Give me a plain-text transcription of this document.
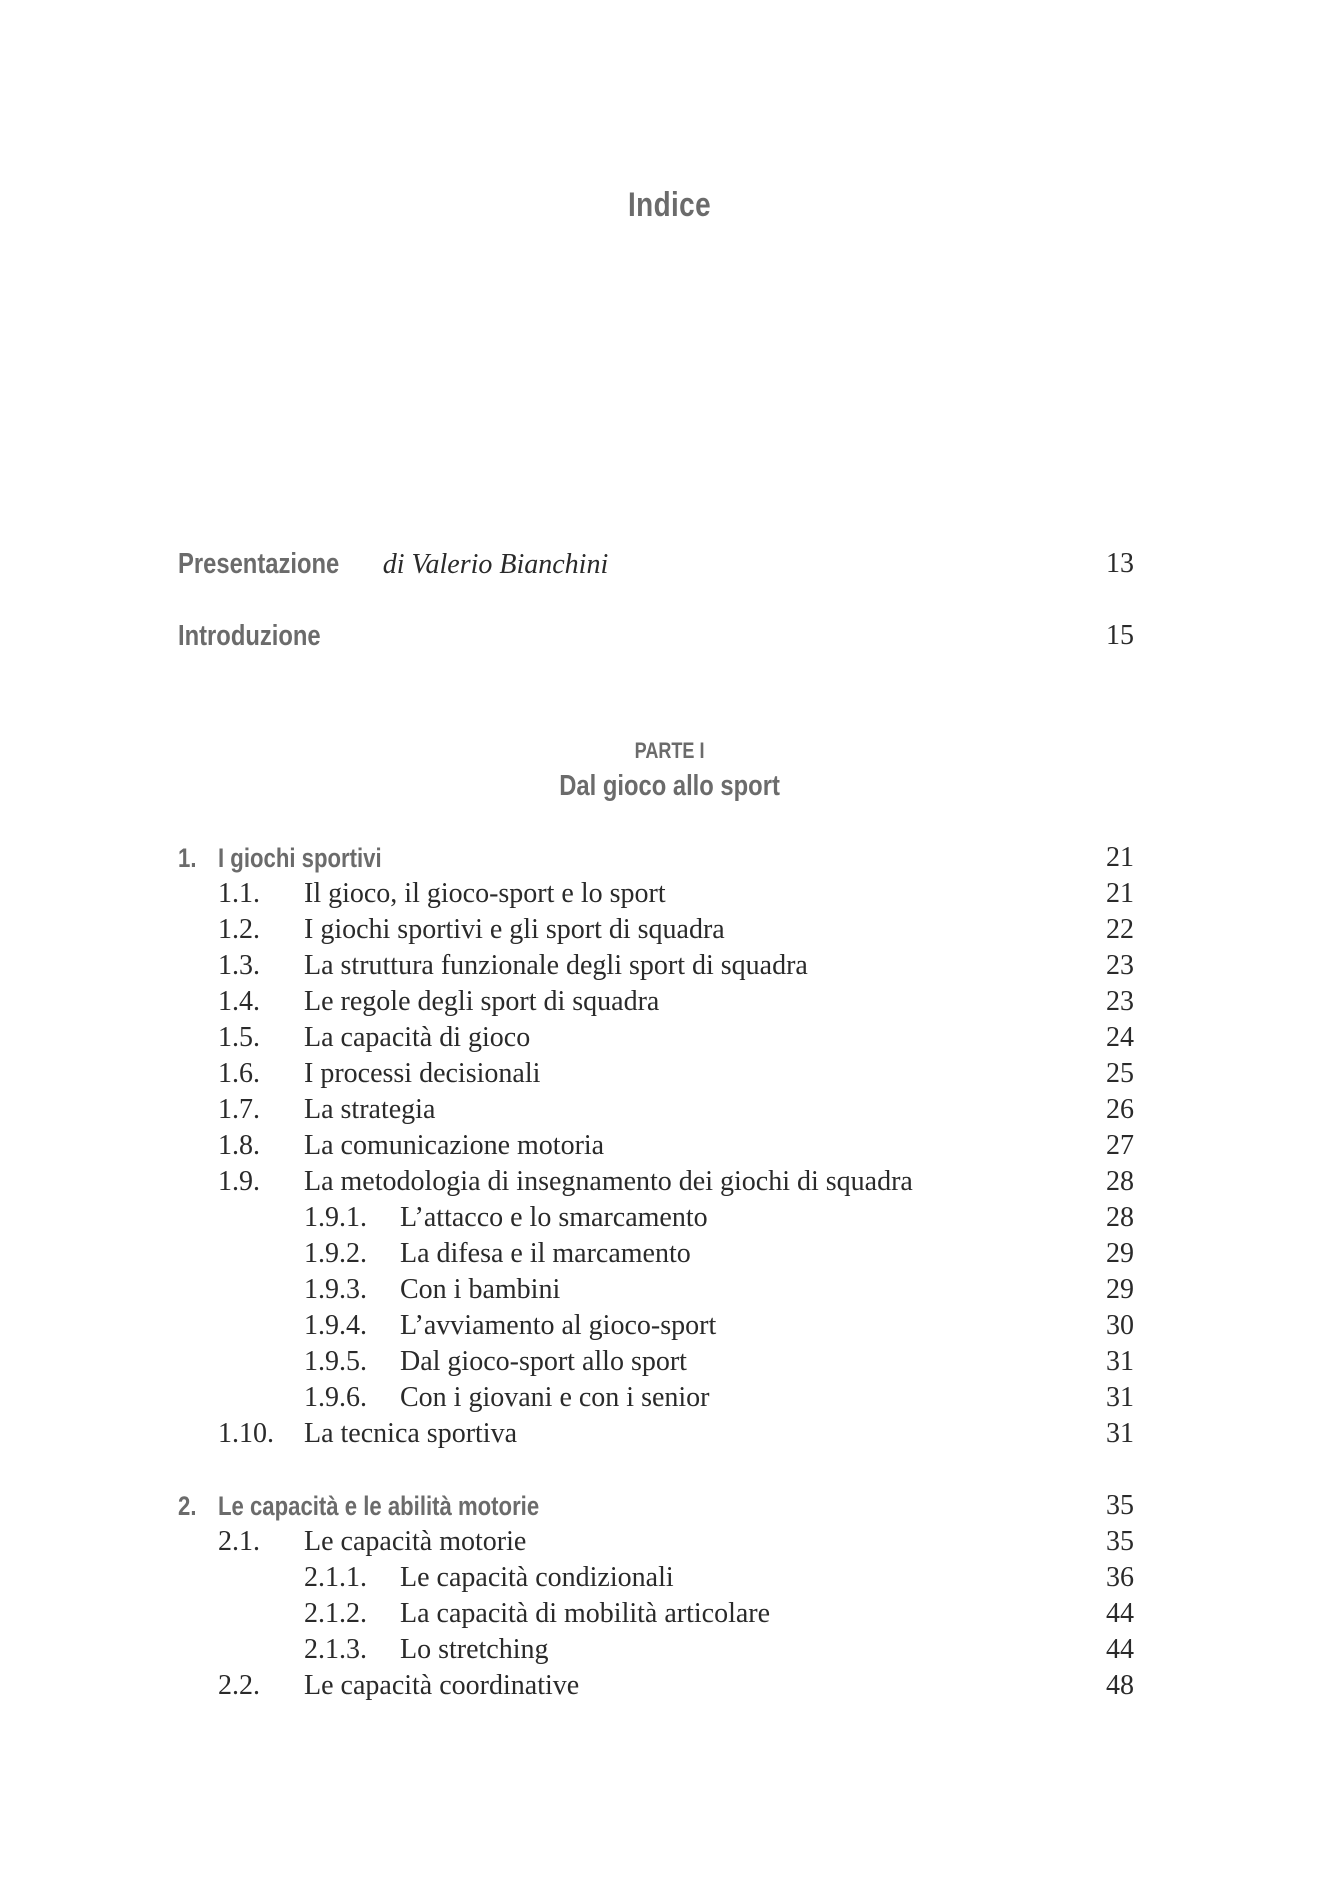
Indice
Presentazione di Valerio Bianchini	13
Introduzione	15
PARTE I
Dal gioco allo sport
1. I giochi sportivi	21
1.1. Il gioco, il gioco-sport e lo sport	21
1.2. I giochi sportivi e gli sport di squadra	22
1.3. La struttura funzionale degli sport di squadra	23
1.4. Le regole degli sport di squadra	23
1.5. La capacità di gioco	24
1.6. I processi decisionali	25
1.7. La strategia	26
1.8. La comunicazione motoria	27
1.9. La metodologia di insegnamento dei giochi di squadra	28
1.9.1. L’attacco e lo smarcamento	28
1.9.2. La difesa e il marcamento	29
1.9.3. Con i bambini	29
1.9.4. L’avviamento al gioco-sport	30
1.9.5. Dal gioco-sport allo sport	31
1.9.6. Con i giovani e con i senior	31
1.10. La tecnica sportiva	31
2. Le capacità e le abilità motorie	35
2.1. Le capacità motorie	35
2.1.1. Le capacità condizionali	36
2.1.2. La capacità di mobilità articolare	44
2.1.3. Lo stretching	44
2.2. Le capacità coordinative	48
